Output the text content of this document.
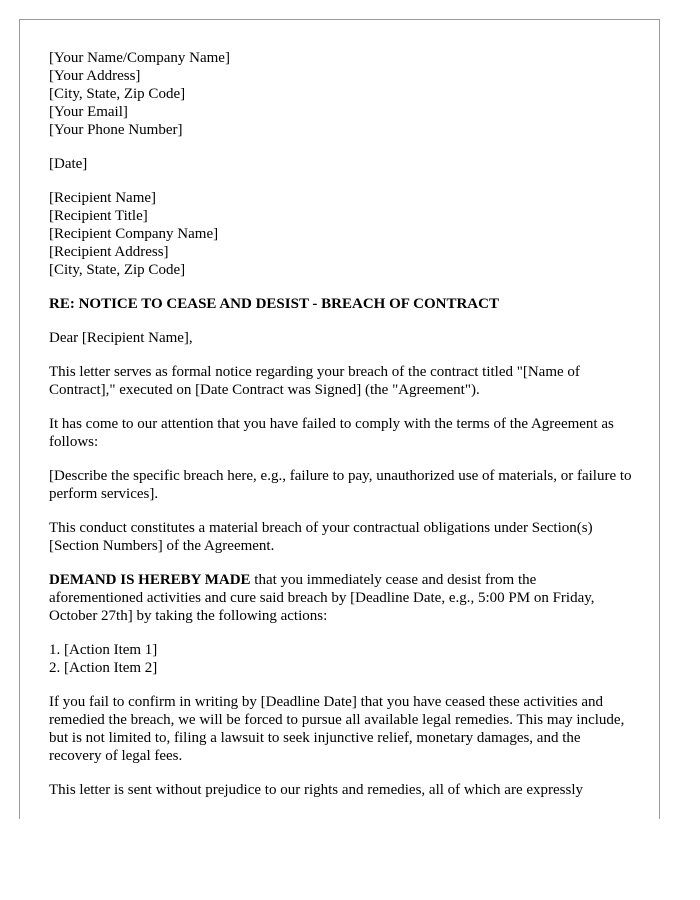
[Your Name/Company Name]
[Your Address]
[City, State, Zip Code]
[Your Email]
[Your Phone Number]
[Date]
[Recipient Name]
[Recipient Title]
[Recipient Company Name]
[Recipient Address]
[City, State, Zip Code]
RE: NOTICE TO CEASE AND DESIST - BREACH OF CONTRACT
Dear [Recipient Name],
This letter serves as formal notice regarding your breach of the contract titled "[Name of Contract]," executed on [Date Contract was Signed] (the "Agreement").
It has come to our attention that you have failed to comply with the terms of the Agreement as follows:
[Describe the specific breach here, e.g., failure to pay, unauthorized use of materials, or failure to perform services].
This conduct constitutes a material breach of your contractual obligations under Section(s) [Section Numbers] of the Agreement.
DEMAND IS HEREBY MADE that you immediately cease and desist from the aforementioned activities and cure said breach by [Deadline Date, e.g., 5:00 PM on Friday, October 27th] by taking the following actions:
1. [Action Item 1]
2. [Action Item 2]
If you fail to confirm in writing by [Deadline Date] that you have ceased these activities and remedied the breach, we will be forced to pursue all available legal remedies. This may include, but is not limited to, filing a lawsuit to seek injunctive relief, monetary damages, and the recovery of legal fees.
This letter is sent without prejudice to our rights and remedies, all of which are expressly
